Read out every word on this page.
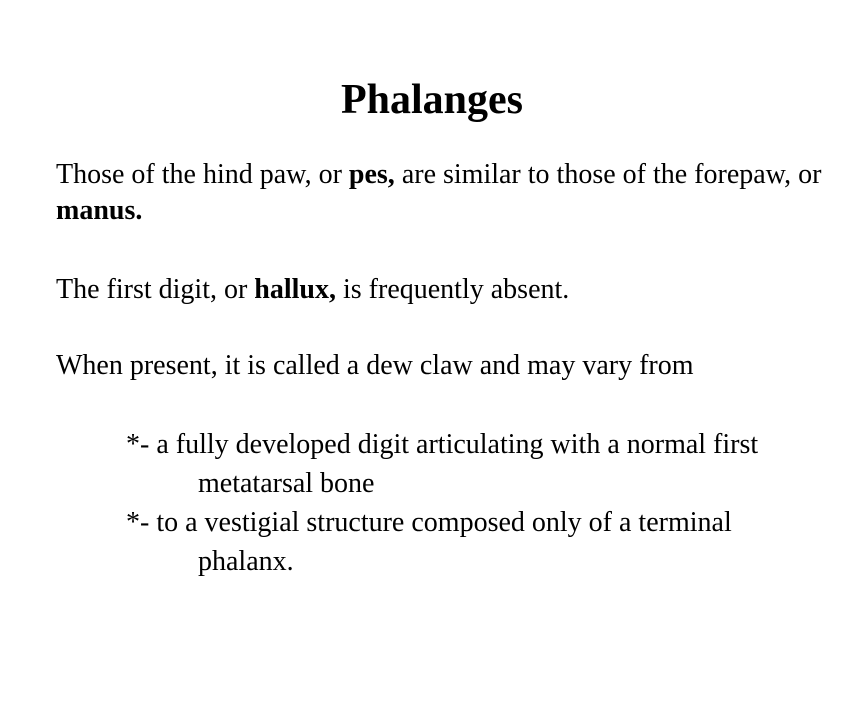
Phalanges

Those of the hind paw, or pes, are similar to those of the forepaw, or manus.

The first digit, or hallux, is frequently absent.

When present, it is called a dew claw and may vary from

*- a fully developed digit articulating with a normal first metatarsal bone

*- to a vestigial structure composed only of a terminal phalanx.
